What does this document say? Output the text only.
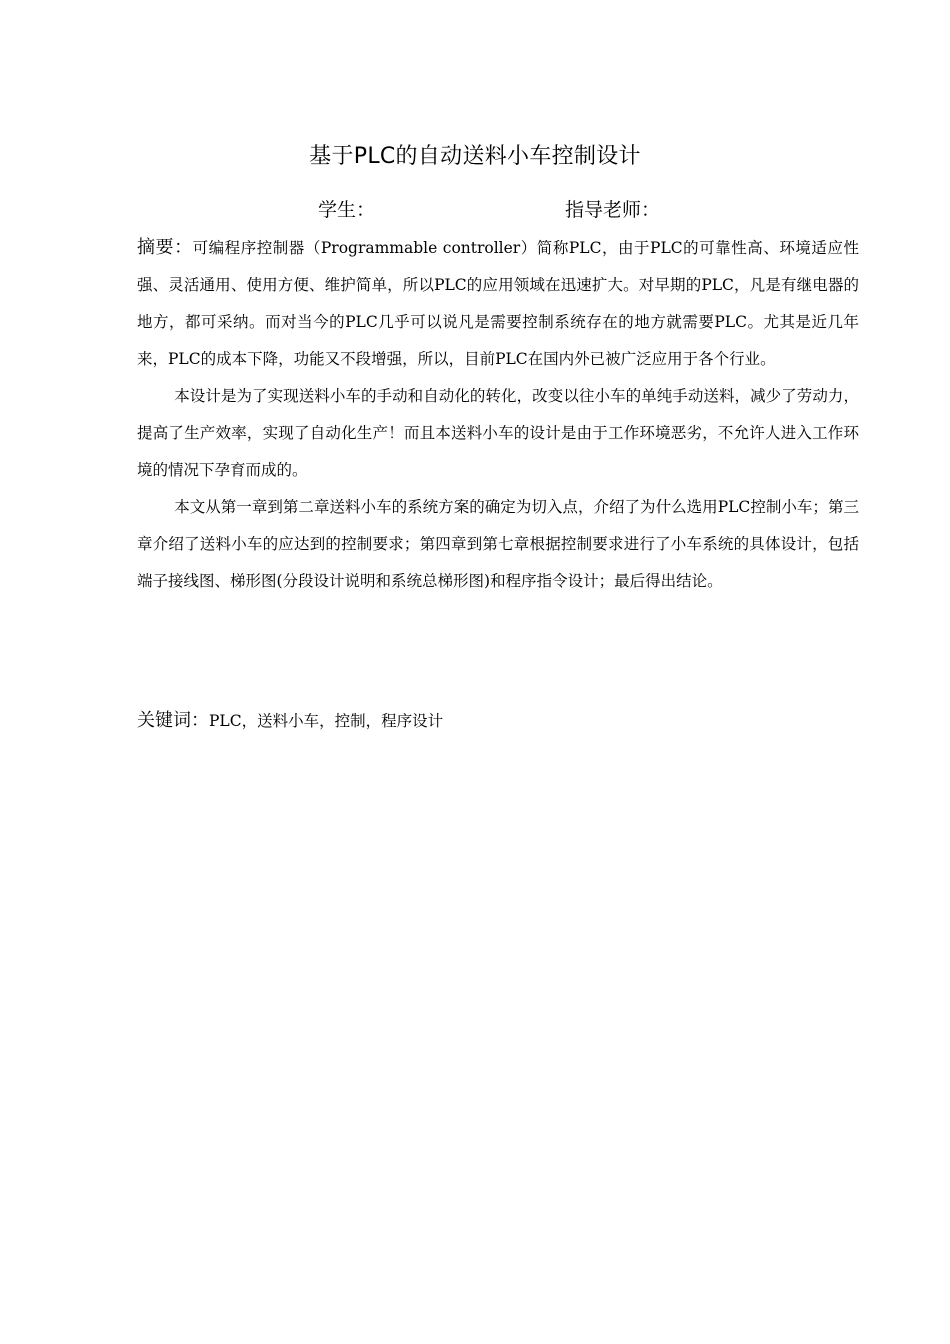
基于PLC的自动送料小车控制设计
学生：	指导老师：

摘要：可编程序控制器（Programmable controller）简称PLC，由于PLC的可靠性高、环境适应性强、灵活通用、使用方便、维护简单，所以PLC的应用领域在迅速扩大。对早期的PLC，凡是有继电器的地方，都可采纳。而对当今的PLC几乎可以说凡是需要控制系统存在的地方就需要PLC。尤其是近几年来，PLC的成本下降，功能又不段增强，所以，目前PLC在国内外已被广泛应用于各个行业。

本设计是为了实现送料小车的手动和自动化的转化，改变以往小车的单纯手动送料，减少了劳动力，提高了生产效率，实现了自动化生产！而且本送料小车的设计是由于工作环境恶劣，不允许人进入工作环境的情况下孕育而成的。

本文从第一章到第二章送料小车的系统方案的确定为切入点，介绍了为什么选用PLC控制小车；第三章介绍了送料小车的应达到的控制要求；第四章到第七章根据控制要求进行了小车系统的具体设计，包括端子接线图、梯形图(分段设计说明和系统总梯形图)和程序指令设计；最后得出结论。

关键词：PLC，送料小车，控制，程序设计
